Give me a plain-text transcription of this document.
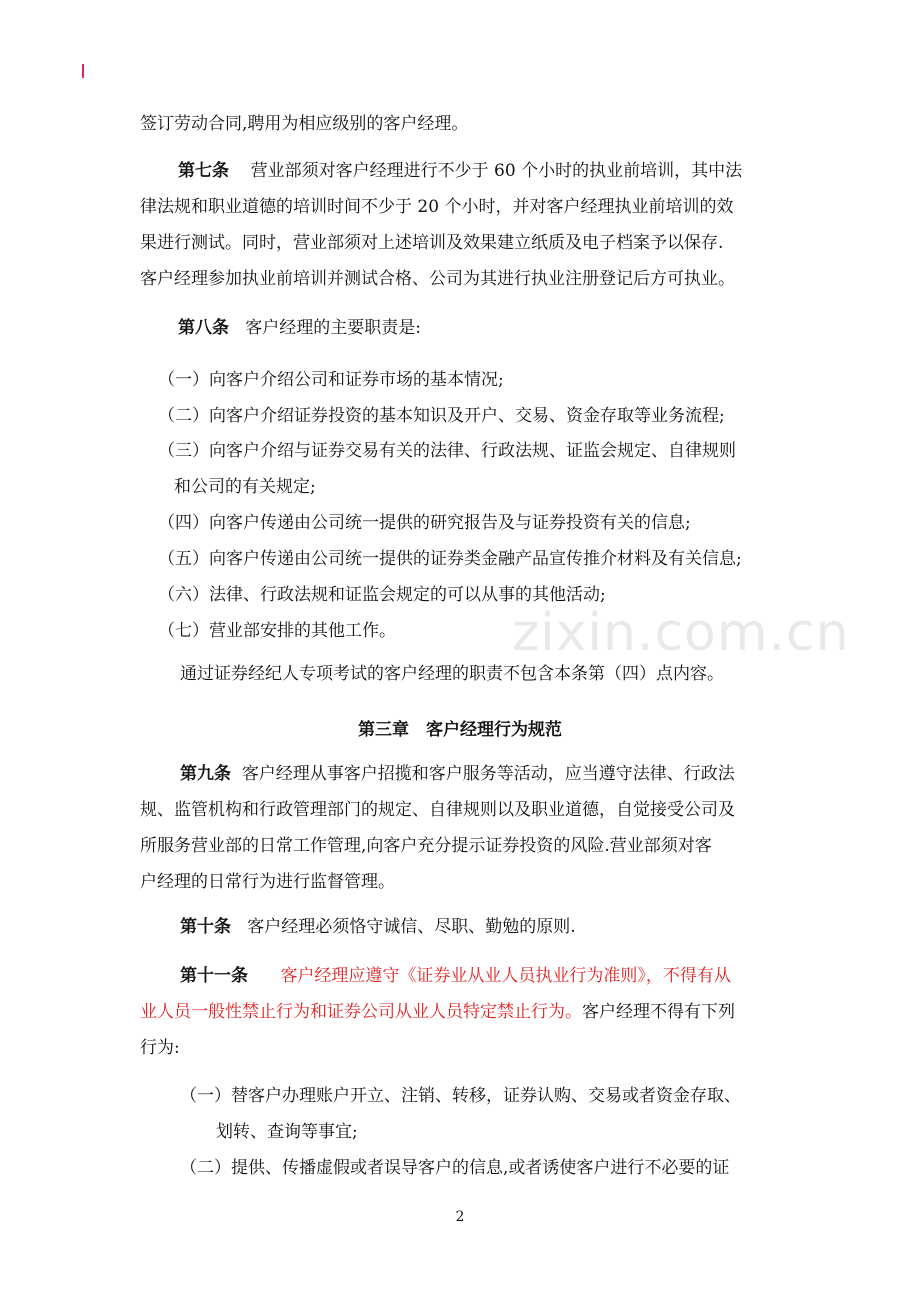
zixin.com.cn
签订劳动合同,聘用为相应级别的客户经理。
第七条 营业部须对客户经理进行不少于 60 个小时的执业前培训，其中法
律法规和职业道德的培训时间不少于 20 个小时，并对客户经理执业前培训的效
果进行测试。同时，营业部须对上述培训及效果建立纸质及电子档案予以保存.
客户经理参加执业前培训并测试合格、公司为其进行执业注册登记后方可执业。
第八条 客户经理的主要职责是:
（一）向客户介绍公司和证券市场的基本情况;
（二）向客户介绍证券投资的基本知识及开户、交易、资金存取等业务流程;
（三）向客户介绍与证券交易有关的法律、行政法规、证监会规定、自律规则
和公司的有关规定;
（四）向客户传递由公司统一提供的研究报告及与证券投资有关的信息;
（五）向客户传递由公司统一提供的证券类金融产品宣传推介材料及有关信息;
（六）法律、行政法规和证监会规定的可以从事的其他活动;
（七）营业部安排的其他工作。
通过证券经纪人专项考试的客户经理的职责不包含本条第（四）点内容。
第三章　客户经理行为规范
第九条 客户经理从事客户招揽和客户服务等活动，应当遵守法律、行政法
规、监管机构和行政管理部门的规定、自律规则以及职业道德，自觉接受公司及
所服务营业部的日常工作管理,向客户充分提示证券投资的风险.营业部须对客
户经理的日常行为进行监督管理。
第十条 客户经理必须恪守诚信、尽职、勤勉的原则.
第十一条 客户经理应遵守《证券业从业人员执业行为准则》，不得有从
业人员一般性禁止行为和证券公司从业人员特定禁止行为。客户经理不得有下列
行为:
（一）替客户办理账户开立、注销、转移，证券认购、交易或者资金存取、
划转、查询等事宜;
（二）提供、传播虚假或者误导客户的信息,或者诱使客户进行不必要的证
2
